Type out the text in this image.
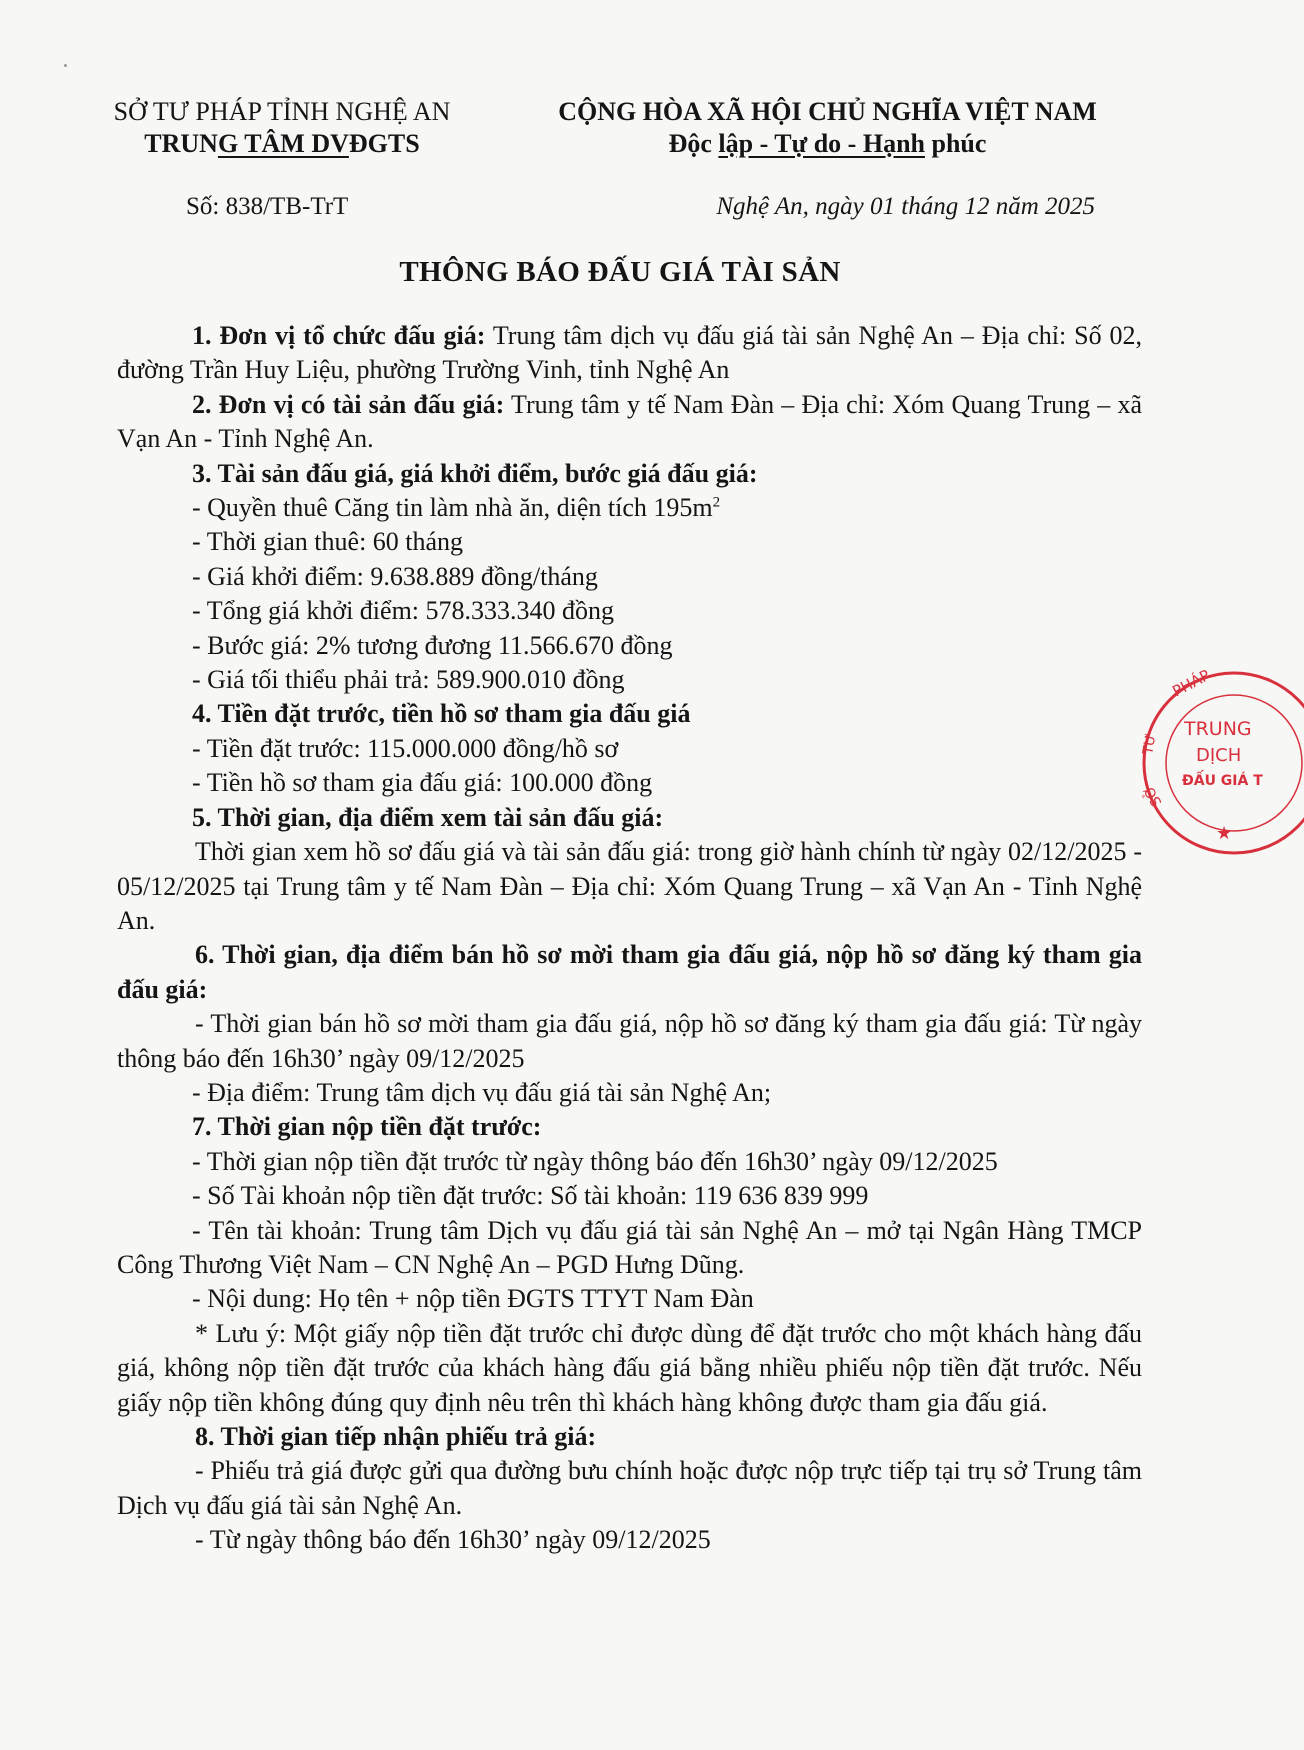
SỞ TƯ PHÁP TỈNH NGHỆ AN
TRUNG TÂM DVĐGTS
CỘNG HÒA XÃ HỘI CHỦ NGHĨA VIỆT NAM
Độc lập - Tự do - Hạnh phúc
Số: 838/TB-TrT	Nghệ An, ngày 01 tháng 12 năm 2025
THÔNG BÁO ĐẤU GIÁ TÀI SẢN

1. Đơn vị tổ chức đấu giá: Trung tâm dịch vụ đấu giá tài sản Nghệ An – Địa chỉ: Số 02, đường Trần Huy Liệu, phường Trường Vinh, tỉnh Nghệ An

2. Đơn vị có tài sản đấu giá: Trung tâm y tế Nam Đàn – Địa chỉ: Xóm Quang Trung – xã Vạn An - Tỉnh Nghệ An.

3. Tài sản đấu giá, giá khởi điểm, bước giá đấu giá:

- Quyền thuê Căng tin làm nhà ăn, diện tích $195m^2$

- Thời gian thuê: 60 tháng

- Giá khởi điểm: 9.638.889 đồng/tháng

- Tổng giá khởi điểm: 578.333.340 đồng

- Bước giá: 2% tương đương 11.566.670 đồng

- Giá tối thiểu phải trả: 589.900.010 đồng

4. Tiền đặt trước, tiền hồ sơ tham gia đấu giá

- Tiền đặt trước: 115.000.000 đồng/hồ sơ

- Tiền hồ sơ tham gia đấu giá: 100.000 đồng

5. Thời gian, địa điểm xem tài sản đấu giá:

Thời gian xem hồ sơ đấu giá và tài sản đấu giá: trong giờ hành chính từ ngày 02/12/2025 - 05/12/2025 tại Trung tâm y tế Nam Đàn – Địa chỉ: Xóm Quang Trung – xã Vạn An - Tỉnh Nghệ An.

6. Thời gian, địa điểm bán hồ sơ mời tham gia đấu giá, nộp hồ sơ đăng ký tham gia đấu giá:

- Thời gian bán hồ sơ mời tham gia đấu giá, nộp hồ sơ đăng ký tham gia đấu giá: Từ ngày thông báo đến 16h30’ ngày 09/12/2025

- Địa điểm: Trung tâm dịch vụ đấu giá tài sản Nghệ An;

7. Thời gian nộp tiền đặt trước:

- Thời gian nộp tiền đặt trước từ ngày thông báo đến 16h30’ ngày 09/12/2025

- Số Tài khoản nộp tiền đặt trước: Số tài khoản: 119 636 839 999

- Tên tài khoản: Trung tâm Dịch vụ đấu giá tài sản Nghệ An – mở tại Ngân Hàng TMCP Công Thương Việt Nam – CN Nghệ An – PGD Hưng Dũng.

- Nội dung: Họ tên + nộp tiền ĐGTS TTYT Nam Đàn

* Lưu ý: Một giấy nộp tiền đặt trước chỉ được dùng để đặt trước cho một khách hàng đấu giá, không nộp tiền đặt trước của khách hàng đấu giá bằng nhiều phiếu nộp tiền đặt trước. Nếu giấy nộp tiền không đúng quy định nêu trên thì khách hàng không được tham gia đấu giá.

8. Thời gian tiếp nhận phiếu trả giá:

- Phiếu trả giá được gửi qua đường bưu chính hoặc được nộp trực tiếp tại trụ sở Trung tâm Dịch vụ đấu giá tài sản Nghệ An.

- Từ ngày thông báo đến 16h30’ ngày 09/12/2025

PHÁP
TƯ
SỞ
TRUNG
DỊCH
ĐẤU GIÁ T
★
